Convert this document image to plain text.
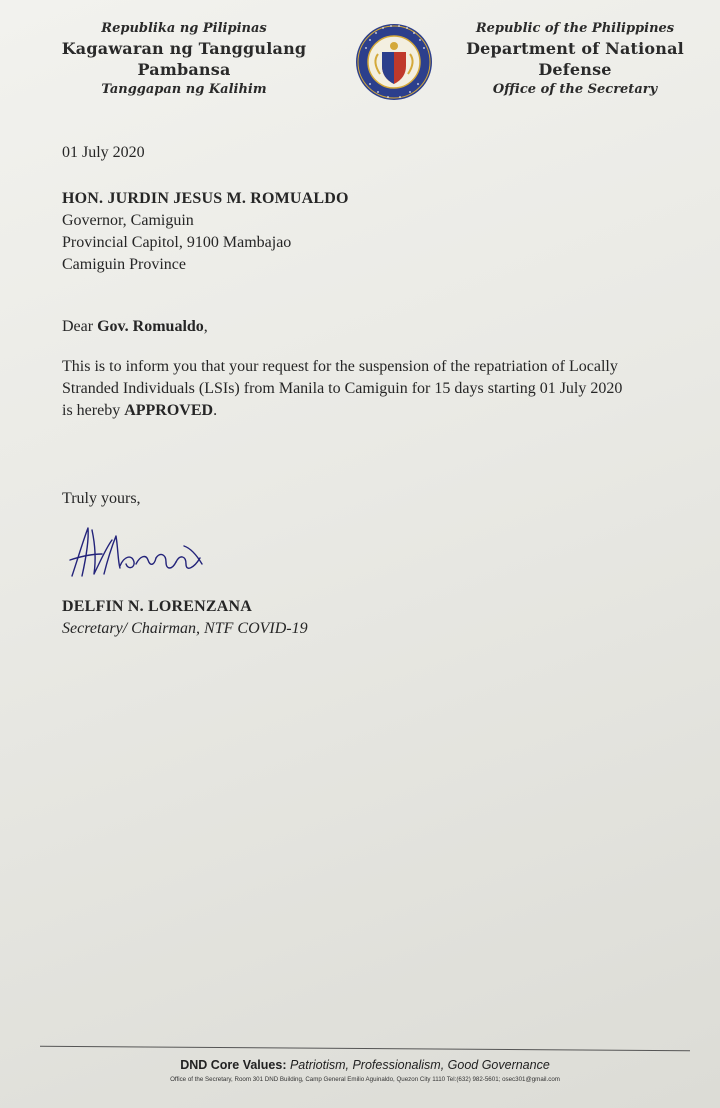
Republika ng Pilipinas
Kagawaran ng Tanggulang Pambansa
Tanggapan ng Kalihim
Republic of the Philippines
Department of National Defense
Office of the Secretary
01 July 2020
HON. JURDIN JESUS M. ROMUALDO
Governor, Camiguin
Provincial Capitol, 9100 Mambajao
Camiguin Province
Dear Gov. Romualdo,
This is to inform you that your request for the suspension of the repatriation of Locally
Stranded Individuals (LSIs) from Manila to Camiguin for 15 days starting 01 July 2020
is hereby APPROVED.
Truly yours,
DELFIN N. LORENZANA
Secretary/ Chairman, NTF COVID-19
DND Core Values: Patriotism, Professionalism, Good Governance
Office of the Secretary, Room 301 DND Building, Camp General Emilio Aguinaldo, Quezon City 1110 Tel:(632) 982-5601; osec301@gmail.com
